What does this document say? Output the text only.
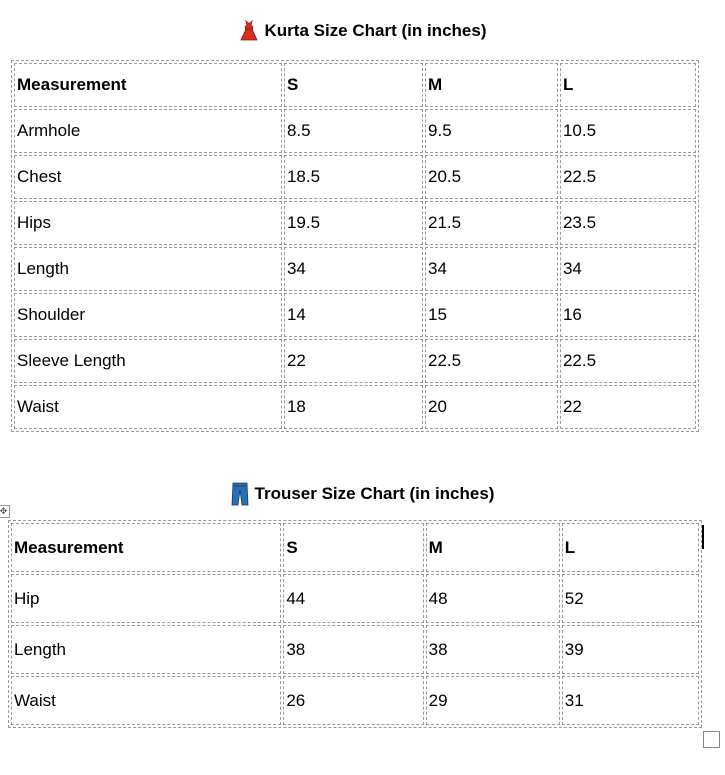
Kurta Size Chart (in inches)
Measurement	S	M	L
Armhole	8.5	9.5	10.5
Chest	18.5	20.5	22.5
Hips	19.5	21.5	23.5
Length	34	34	34
Shoulder	14	15	16
Sleeve Length	22	22.5	22.5
Waist	18	20	22
Trouser Size Chart (in inches)
✥
Measurement	S	M	L
Hip	44	48	52
Length	38	38	39
Waist	26	29	31
